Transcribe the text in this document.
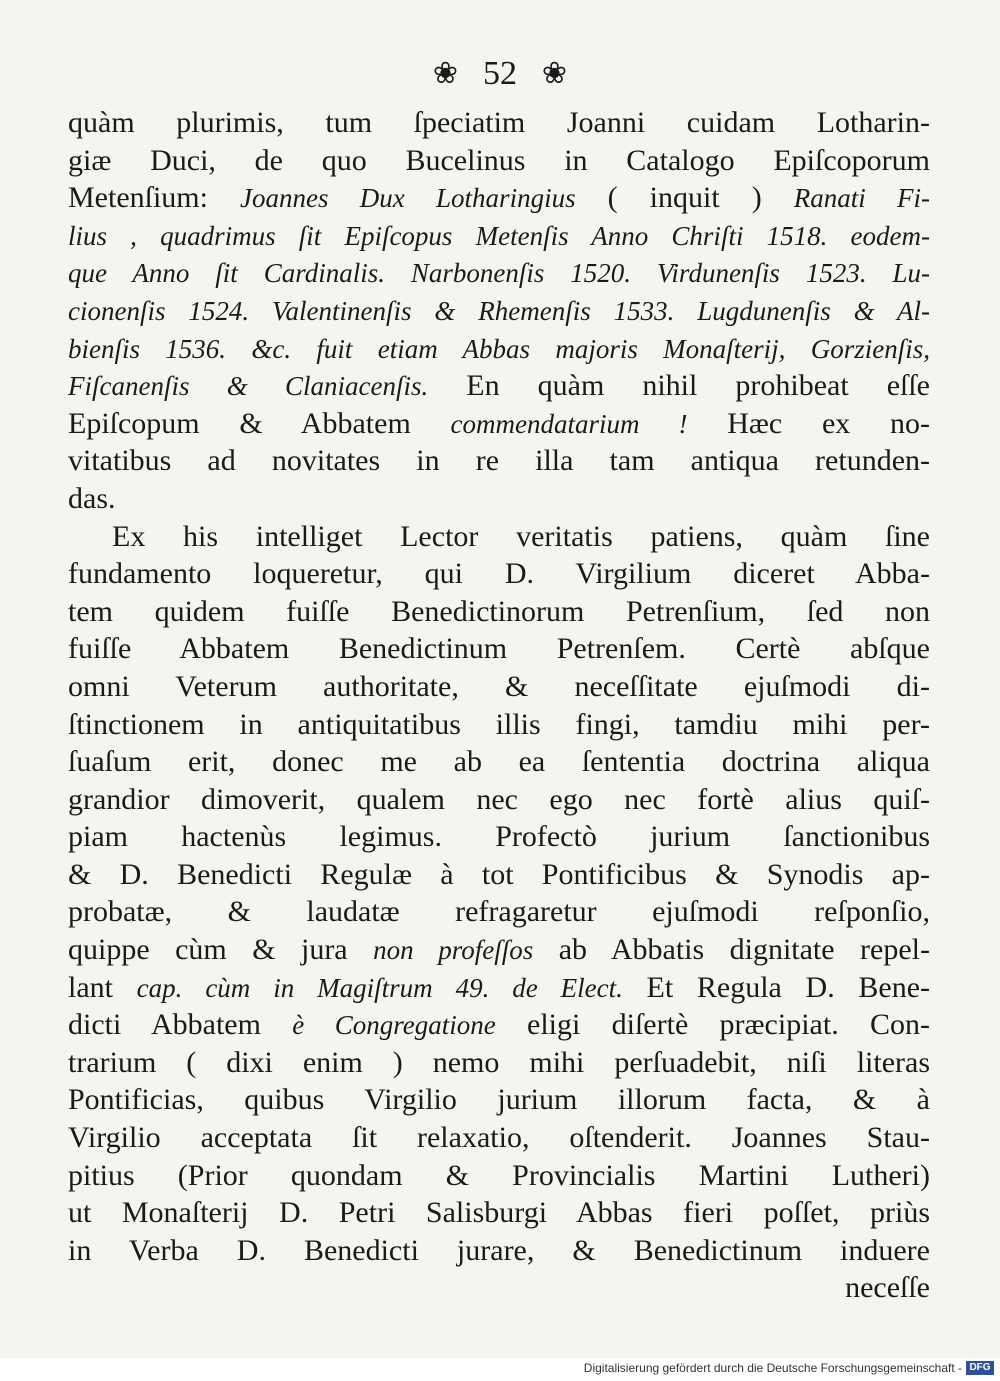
❀ 52 ❀
quàm plurimis, tum ſpeciatim Joanni cuidam Lotharin-
giæ Duci, de quo Bucelinus in Catalogo Epiſcoporum
Metenſium: Joannes Dux Lotharingius ( inquit ) Ranati Fi-
lius , quadrimus ſit Epiſcopus Metenſis Anno Chriſti 1518. eodem-
que Anno ſit Cardinalis. Narbonenſis 1520. Virdunenſis 1523. Lu-
cionenſis 1524. Valentinenſis & Rhemenſis 1533. Lugdunenſis & Al-
bienſis 1536. &c. fuit etiam Abbas majoris Monaſterij, Gorzienſis,
Fiſcanenſis & Claniacenſis. En quàm nihil prohibeat eſſe
Epiſcopum & Abbatem commendatarium ! Hæc ex no-
vitatibus ad novitates in re illa tam antiqua retunden-
das.
Ex his intelliget Lector veritatis patiens, quàm ſine
fundamento loqueretur, qui D. Virgilium diceret Abba-
tem quidem fuiſſe Benedictinorum Petrenſium, ſed non
fuiſſe Abbatem Benedictinum Petrenſem. Certè abſque
omni Veterum authoritate, & neceſſitate ejuſmodi di-
ſtinctionem in antiquitatibus illis fingi, tamdiu mihi per-
ſuaſum erit, donec me ab ea ſententia doctrina aliqua
grandior dimoverit, qualem nec ego nec fortè alius quiſ-
piam hactenùs legimus. Profectò jurium ſanctionibus
& D. Benedicti Regulæ à tot Pontificibus & Synodis ap-
probatæ, & laudatæ refragaretur ejuſmodi reſponſio,
quippe cùm & jura non profeſſos ab Abbatis dignitate repel-
lant cap. cùm in Magiſtrum 49. de Elect. Et Regula D. Bene-
dicti Abbatem è Congregatione eligi diſertè præcipiat. Con-
trarium ( dixi enim ) nemo mihi perſuadebit, niſi literas
Pontificias, quibus Virgilio jurium illorum facta, & à
Virgilio acceptata ſit relaxatio, oſtenderit. Joannes Stau-
pitius (Prior quondam & Provincialis Martini Lutheri)
ut Monaſterij D. Petri Salisburgi Abbas fieri poſſet, priùs
in Verba D. Benedicti jurare, & Benedictinum induere
neceſſe
Digitalisierung gefördert durch die Deutsche Forschungsgemeinschaft - DFG
